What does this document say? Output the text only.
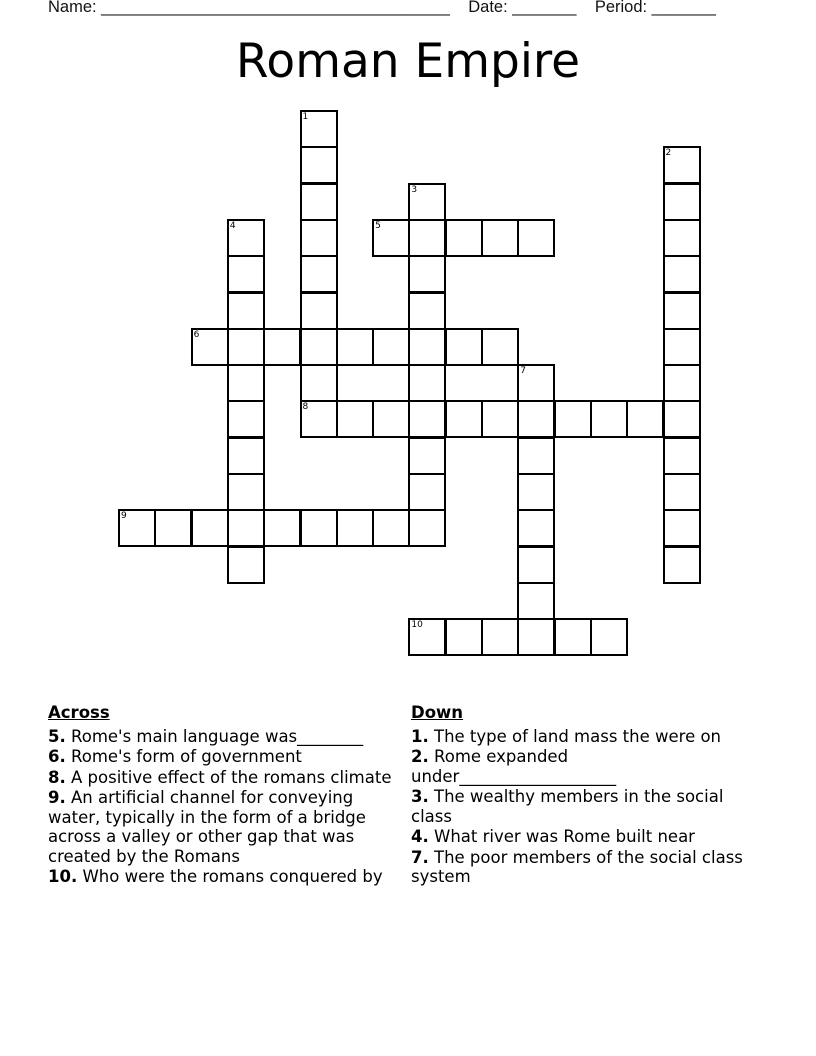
Name: ______________________________________    Date: _______    Period: _______
Roman Empire
1
8
2
3
4	5
6
7
9
10
Across
5. Rome's main language was________
6. Rome's form of government
8. A positive effect of the romans climate
9. An artificial channel for conveying water, typically in the form of a bridge across a valley or other gap that was created by the Romans
10. Who were the romans conquered by
Down
1. The type of land mass the were on
2. Rome expanded under___________________
3. The wealthy members in the social class
4. What river was Rome built near
7. The poor members of the social class system
